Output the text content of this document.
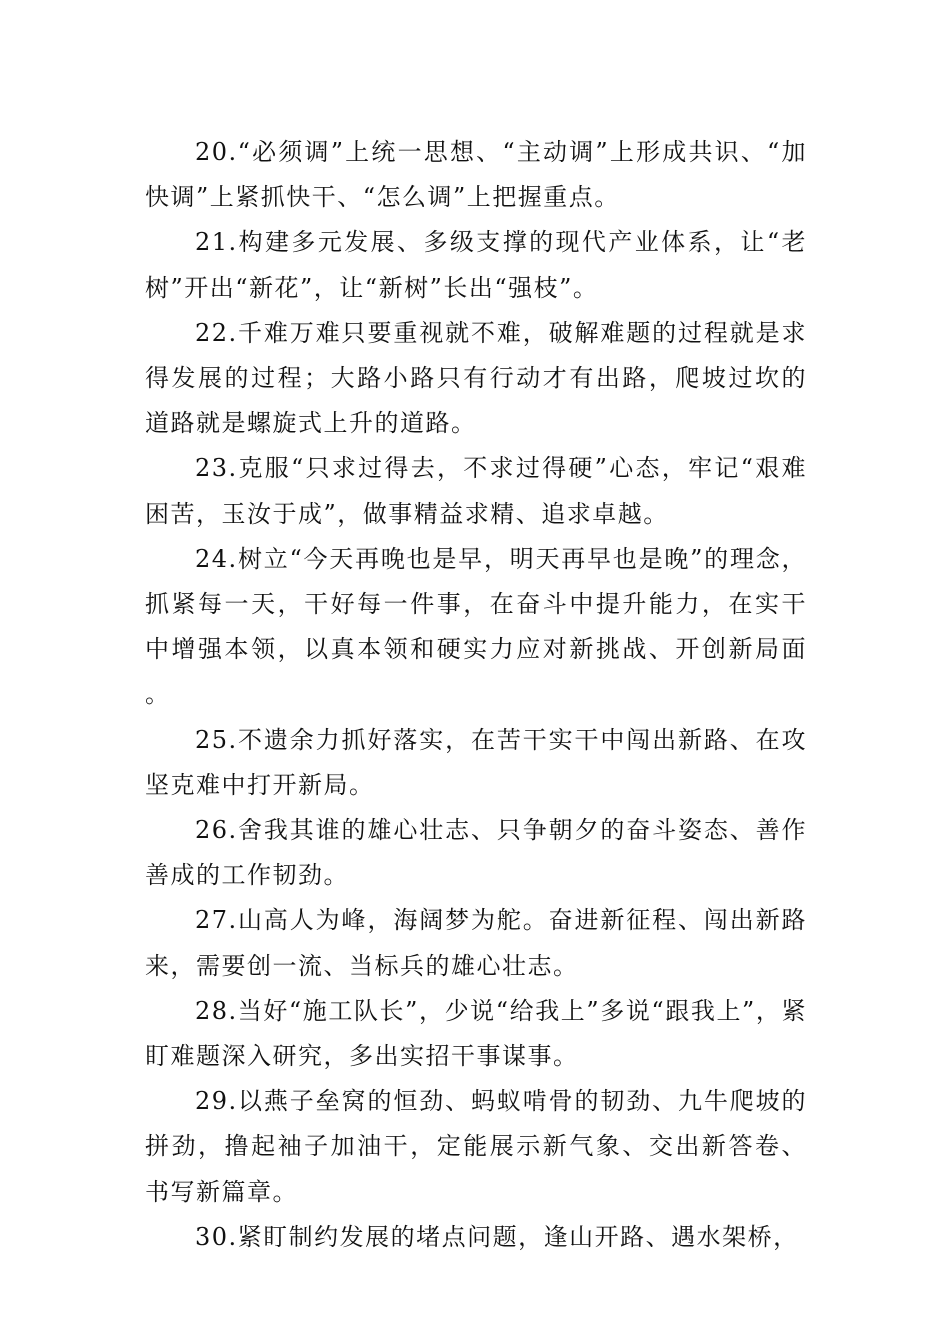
20.“必须调”上统一思想、“主动调”上形成共识、“加快调”上紧抓快干、“怎么调”上把握重点。

21.构建多元发展、多级支撑的现代产业体系，让“老树”开出“新花”，让“新树”长出“强枝”。

22.千难万难只要重视就不难，破解难题的过程就是求得发展的过程；大路小路只有行动才有出路，爬坡过坎的道路就是螺旋式上升的道路。

23.克服“只求过得去，不求过得硬”心态，牢记“艰难困苦，玉汝于成”，做事精益求精、追求卓越。

24.树立“今天再晚也是早，明天再早也是晚”的理念，抓紧每一天，干好每一件事，在奋斗中提升能力，在实干中增强本领，以真本领和硬实力应对新挑战、开创新局面。

25.不遗余力抓好落实，在苦干实干中闯出新路、在攻坚克难中打开新局。

26.舍我其谁的雄心壮志、只争朝夕的奋斗姿态、善作善成的工作韧劲。

27.山高人为峰，海阔梦为舵。奋进新征程、闯出新路来，需要创一流、当标兵的雄心壮志。

28.当好“施工队长”，少说“给我上”多说“跟我上”，紧盯难题深入研究，多出实招干事谋事。

29.以燕子垒窝的恒劲、蚂蚁啃骨的韧劲、九牛爬坡的拼劲，撸起袖子加油干，定能展示新气象、交出新答卷、书写新篇章。

30.紧盯制约发展的堵点问题，逢山开路、遇水架桥，
